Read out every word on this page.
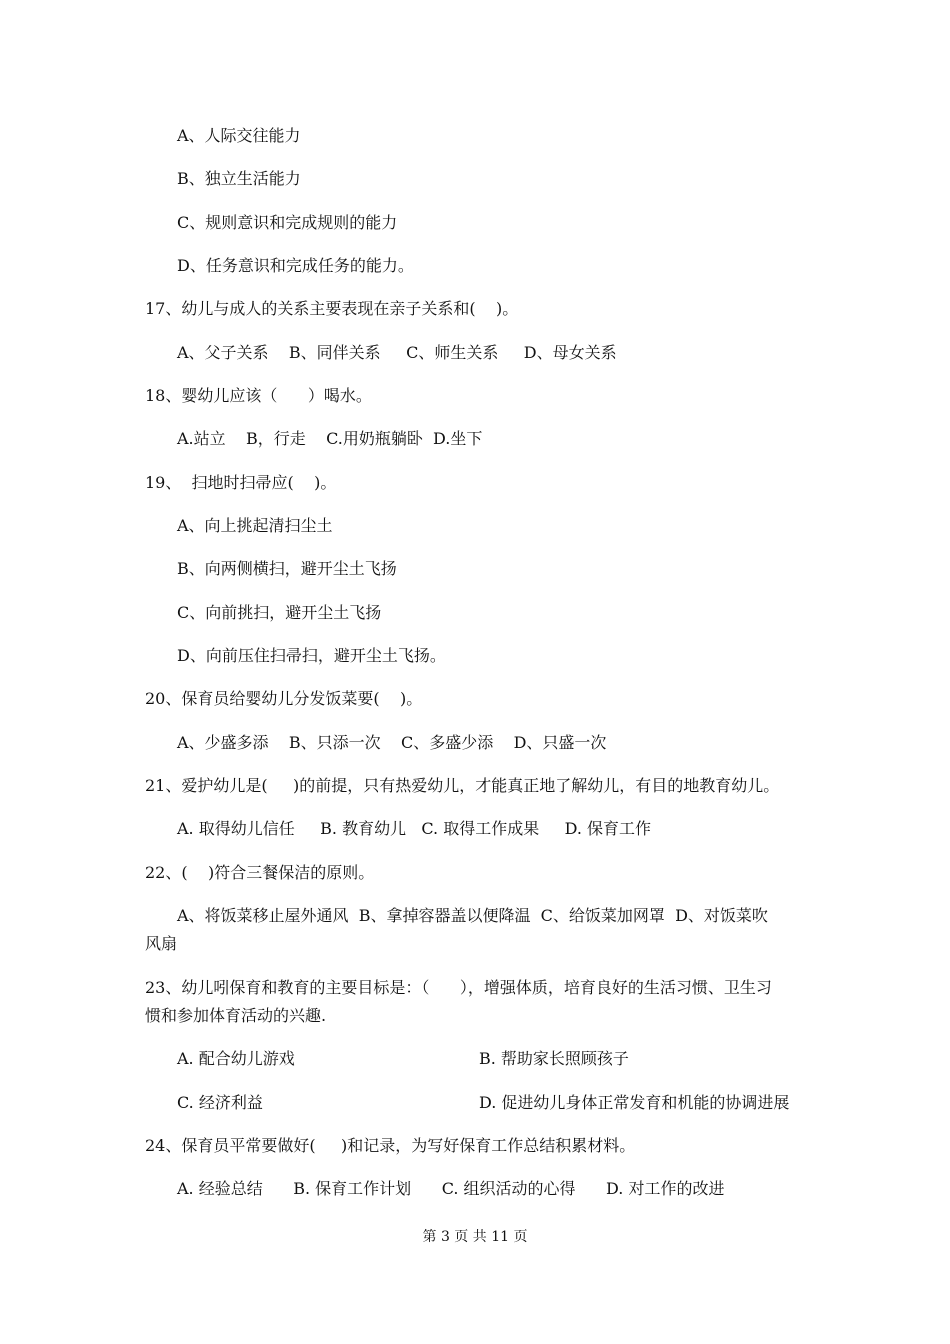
A、人际交往能力
B、独立生活能力
C、规则意识和完成规则的能力
D、任务意识和完成任务的能力。
17、幼儿与成人的关系主要表现在亲子关系和(    )。
A、父子关系    B、同伴关系     C、师生关系     D、母女关系
18、婴幼儿应该（      ）喝水。
A.站立    B，行走    C.用奶瓶躺卧  D.坐下
19、  扫地时扫帚应(    )。
A、向上挑起清扫尘土
B、向两侧横扫，避开尘土飞扬
C、向前挑扫，避开尘土飞扬
D、向前压住扫帚扫，避开尘土飞扬。
20、保育员给婴幼儿分发饭菜要(    )。
A、少盛多添    B、只添一次    C、多盛少添    D、只盛一次
21、爱护幼儿是(     )的前提，只有热爱幼儿，才能真正地了解幼儿，有目的地教育幼儿。
A. 取得幼儿信任     B. 教育幼儿   C. 取得工作成果     D. 保育工作
22、(    )符合三餐保洁的原则。
A、将饭菜移止屋外通风  B、拿掉容器盖以便降温  C、给饭菜加网罩  D、对饭菜吹
风扇
23、幼儿吲保育和教育的主要目标是：（      ），增强体质，培育良好的生活习惯、卫生习
惯和参加体育活动的兴趣.
A. 配合幼儿游戏	B. 帮助家长照顾孩子
C. 经济利益	D. 促进幼儿身体正常发育和机能的协调进展
24、保育员平常要做好(     )和记录，为写好保育工作总结积累材料。
A. 经验总结      B. 保育工作计划      C. 组织活动的心得      D. 对工作的改进
第 3 页 共 11 页
